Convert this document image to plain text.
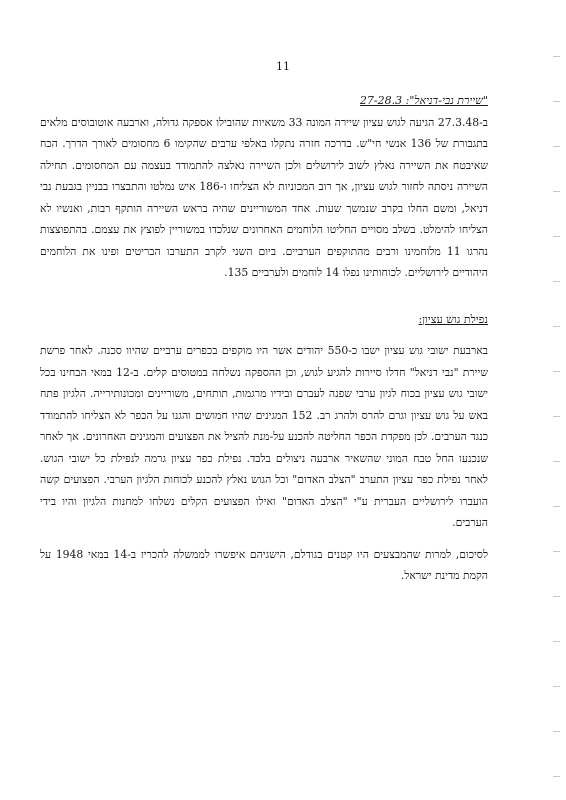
11
"שיירת נבי-דניאל": 27-28.3

ב-27.3.48 הגיעה לגוש עציון שיירה המונה 33 משאיות שהובילו אספקה גדולה, וארבעה אוטובוסים מלאים בתגבורת של 136 אנשי חי"ש. בדרכה חזרה נתקלו באלפי ערבים שהקימו 6 מחסומים לאורך הדרך. הכח שאיבטח את השיירה נאלץ לשוב לירושלים ולכן השיירה נאלצה להתמודד בעצמה עם המחסומים. תחילה השיירה ניסתה לחזור לגוש עציון, אך רוב המכוניות לא הצליחו ו-186 איש נמלטו והתבצרו בבניין בגבעת נבי דניאל, ומשם החלו בקרב שנמשך שעות. אחד המשוריינים שהיה בראש השיירה הותקף רבות, ואנשיו לא הצליחו להימלט. בשלב מסויים החליטו הלוחמים האחרונים שנלכדו במשוריין לפוצץ את עצמם. בהתפוצצות נהרגו 11 מלוחמינו ורבים מהתוקפים הערביים. ביום השני לקרב התערבו הבריטים ופינו את הלוחמים היהודיים לירושליים. לכוחותינו נפלו 14 לוחמים ולערביים 135.

נפילת גוש עציון:

בארבעת ישובי גוש עציון ישבו כ-550 יהודים אשר היו מוקפים בכפרים ערביים שהיוו סכנה. לאחר פרשת שיירת "נבי דניאל" חדלו סיירות להגיע לגוש, וכן ההספקה נשלחה במטוסים קלים. ב-12 במאי הבחינו בכל ישובי גוש עציון בכוח לגיון ערבי שפנה לעברם ובידיו מרגמות, תותחים, משוריינים ומכונותירייה. הלגיון פתח באש על גוש עציון וגרם להרס ולהרג רב. 152 המגינים שהיו חמושים והגנו על הכפר לא הצליחו להתמודד כנגד הערבים. לכן מפקדת הכפר החליטה להכנע על-מנת להציל את הפצועים והמגינים האחרונים. אך לאחר שנכנעו החל טבח המוני שהשאיר ארבעה ניצולים בלבד. נפילת כפר עציון גרמה לנפילת כל ישובי הגוש. לאחר נפילת כפר עציון התערב "הצלב האדום" וכל הגוש נאלץ להכנע לכוחות הלגיון הערבי. הפצועים קשה הועברו לירושליים העברית ע"י "הצלב האדום" ואילו הפצועים הקלים נשלחו למחנות הלגיון והיו בידי הערבים.

לסיכום, למרות שהמבצעים היו קטנים בגודלם, הישגיהם איפשרו לממשלה להכריז ב-14 במאי 1948 על הקמת מדינת ישראל.
